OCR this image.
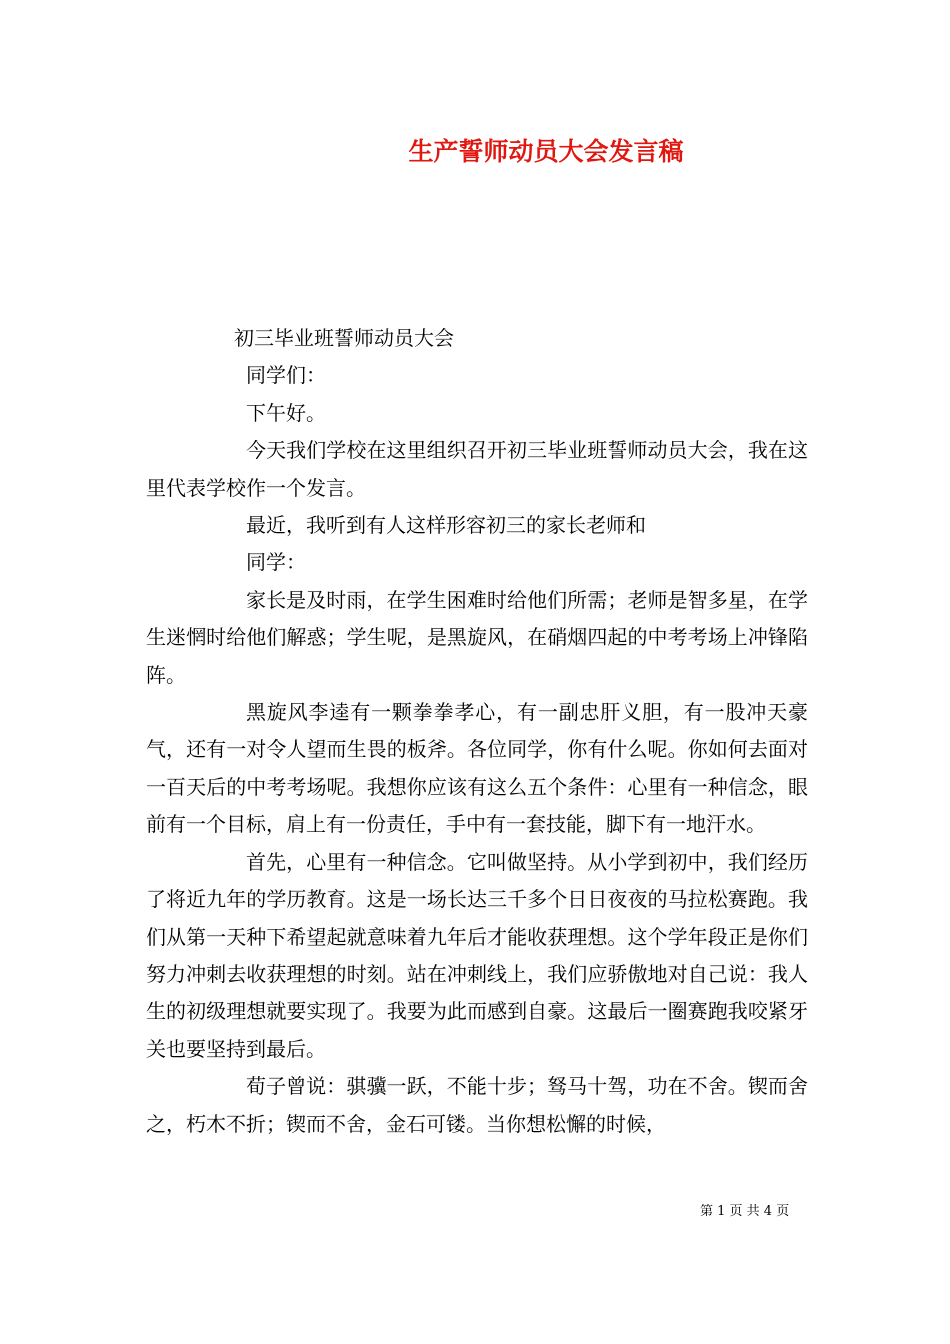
生产誓师动员大会发言稿

初三毕业班誓师动员大会

同学们：

下午好。

今天我们学校在这里组织召开初三毕业班誓师动员大会，我在这里代表学校作一个发言。

最近，我听到有人这样形容初三的家长老师和

同学：

家长是及时雨，在学生困难时给他们所需；老师是智多星，在学生迷惘时给他们解惑；学生呢，是黑旋风，在硝烟四起的中考考场上冲锋陷阵。

黑旋风李逵有一颗拳拳孝心，有一副忠肝义胆，有一股冲天豪气，还有一对令人望而生畏的板斧。各位同学，你有什么呢。你如何去面对一百天后的中考考场呢。我想你应该有这么五个条件：心里有一种信念，眼前有一个目标，肩上有一份责任，手中有一套技能，脚下有一地汗水。

首先，心里有一种信念。它叫做坚持。从小学到初中，我们经历了将近九年的学历教育。这是一场长达三千多个日日夜夜的马拉松赛跑。我们从第一天种下希望起就意味着九年后才能收获理想。这个学年段正是你们努力冲刺去收获理想的时刻。站在冲刺线上，我们应骄傲地对自己说：我人生的初级理想就要实现了。我要为此而感到自豪。这最后一圈赛跑我咬紧牙关也要坚持到最后。

荀子曾说：骐骥一跃，不能十步；驽马十驾，功在不舍。锲而舍之，朽木不折；锲而不舍，金石可镂。当你想松懈的时候，

第 1 页 共 4 页
